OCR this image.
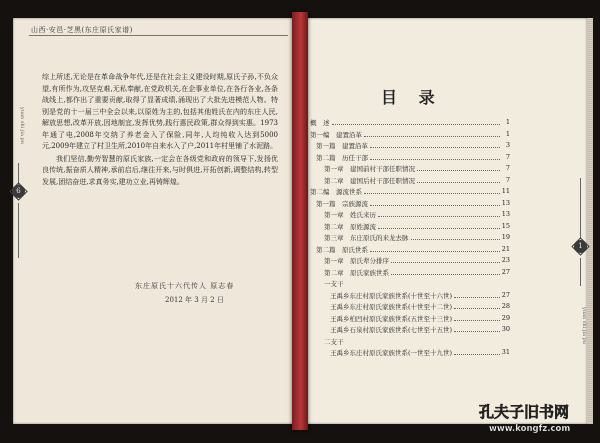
山西·安邑·芝黑(东庄原氏家谱)

综上所述,无论是在革命战争年代,还是在社会主义建设时期,原氏子孙,不负众望,有所作为,攻坚克难,无私奉献,在党政机关,在企事业单位,在各行各业,各条战线上,都作出了重要贡献,取得了显著成绩,涌现出了大批先进模范人物。特别是党的十一届三中全会以来,以原姓为主的,包括其他姓氏在内的东庄人民,解放思想,改革开放,因地制宜,发挥优势,践行惠民政策,群众得到实惠。1973年通了电,2008年交纳了养老金入了保险,同年,人均纯收入达到5000元,2009年建立了村卫生所,2010年自来水入了户,2011年村里铺了水泥路。

我们坚信,勤劳智慧的原氏家族,一定会在各级党和政府的领导下,发扬优良传统,振奋质人精神,承前启后,继往开来,与时俱进,开拓创新,调整结构,转型发展,团结奋进,求真务实,建功立业,再铸辉煌。

东庄原氏十六代传人 原志春
2012 年 3 月 2 日
yuan shi jia pu
6
目 录
概　述	1
第一编　建置沿革	1
第一篇　建置沿革	3
第二篇　历任干部	7
第一章　建国前村干部任职情况	7
第二章　建国后村干部任职情况	7
第二编　源流世系	11
第一篇　宗族源流	13
第一章　姓氏来历	13
第二章　原姓源流	15
第三章　东庄原氏的来龙去脉	19
第二篇　原氏世系	21
第一章　原氏辈分排序	23
第二章　原氏家族世系	27
一支干
王禹乡东庄村原氏家族世系(十世至十六世)	27
王禹乡东庄村原氏家族世系(十世至十二世)	28
王禹乡柏凹村原氏家族世系(五世至十三世)	29
王禹乡石泉村原氏家族世系(七世至十五世)	30
二支干
王禹乡东庄村原氏家族世系(一世至十九世)	31
1
yuan shi jia pu
孔夫子旧书网
www.kongfz.com
